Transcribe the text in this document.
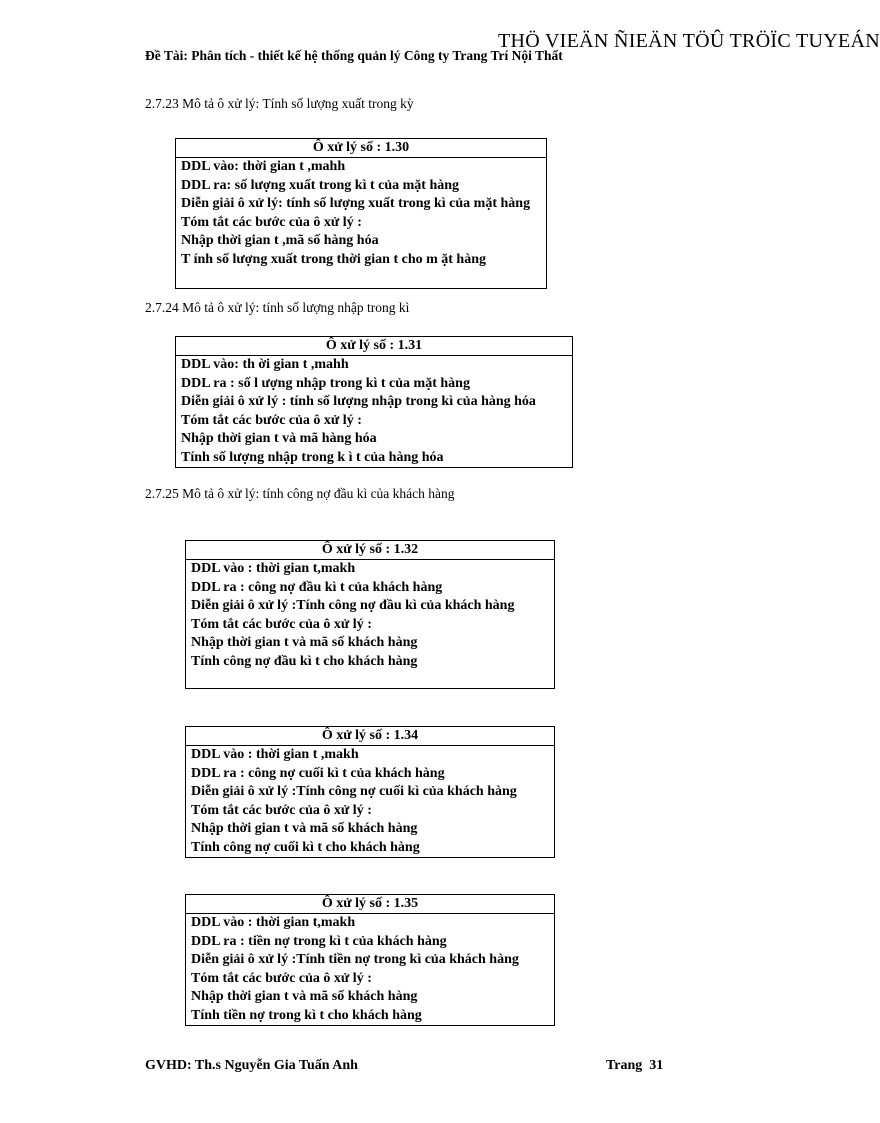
THÖ VIEÄN ÑIEÄN TÖÛ TRÖÏC TUYEÁN
Đề Tài: Phân tích - thiết kế hệ thống quản lý Công ty Trang Trí Nội Thất
2.7.23 Mô tả ô xử lý: Tính số lượng xuất trong kỳ
Ô xử lý số : 1.30
DDL vào: thời gian t ,mahh
DDL ra: số lượng xuất trong kì t của mặt hàng
Diễn giải ô xử lý: tính số lượng xuất trong kì của mặt hàng
Tóm tắt các bước của ô xử lý :
Nhập thời gian t ,mã số hàng hóa
T ính số lượng xuất trong thời gian t cho m ặt hàng
2.7.24 Mô tả ô xử lý: tính số lượng nhập trong kì
Ô xử lý số : 1.31
DDL vào: th ời gian t ,mahh
DDL ra : số l ượng nhập trong kì t của mặt hàng
Diễn giải ô xử lý : tính số lượng nhập trong kì của hàng hóa
Tóm tắt các bước của ô xử lý :
Nhập thời gian t và mã hàng hóa
Tính số lượng nhập trong k ì t của hàng hóa
2.7.25 Mô tả ô xử lý: tính công nợ đầu kì của khách hàng
Ô xử lý số : 1.32
DDL vào : thời gian t,makh
DDL ra : công nợ đầu kì t của khách hàng
Diễn giải ô xử lý :Tính công nợ đầu kì của khách hàng
Tóm tắt các bước của ô xử lý :
Nhập thời gian t và mã số khách hàng
Tính công nợ đầu kì t cho khách hàng
Ô xử lý số : 1.34
DDL vào : thời gian t ,makh
DDL ra : công nợ cuối kì t của khách hàng
Diễn giải ô xử lý :Tính công nợ cuối kì của khách hàng
Tóm tắt các bước của ô xử lý :
Nhập thời gian t và mã số khách hàng
Tính công nợ cuối kì t cho khách hàng
Ô xử lý số : 1.35
DDL vào : thời gian t,makh
DDL ra : tiền nợ trong kì t của khách hàng
Diễn giải ô xử lý :Tính tiền nợ trong kì của khách hàng
Tóm tắt các bước của ô xử lý :
Nhập thời gian t và mã số khách hàng
Tính tiền nợ trong kì t cho khách hàng
GVHD: Th.s Nguyễn Gia Tuấn Anh	Trang  31
